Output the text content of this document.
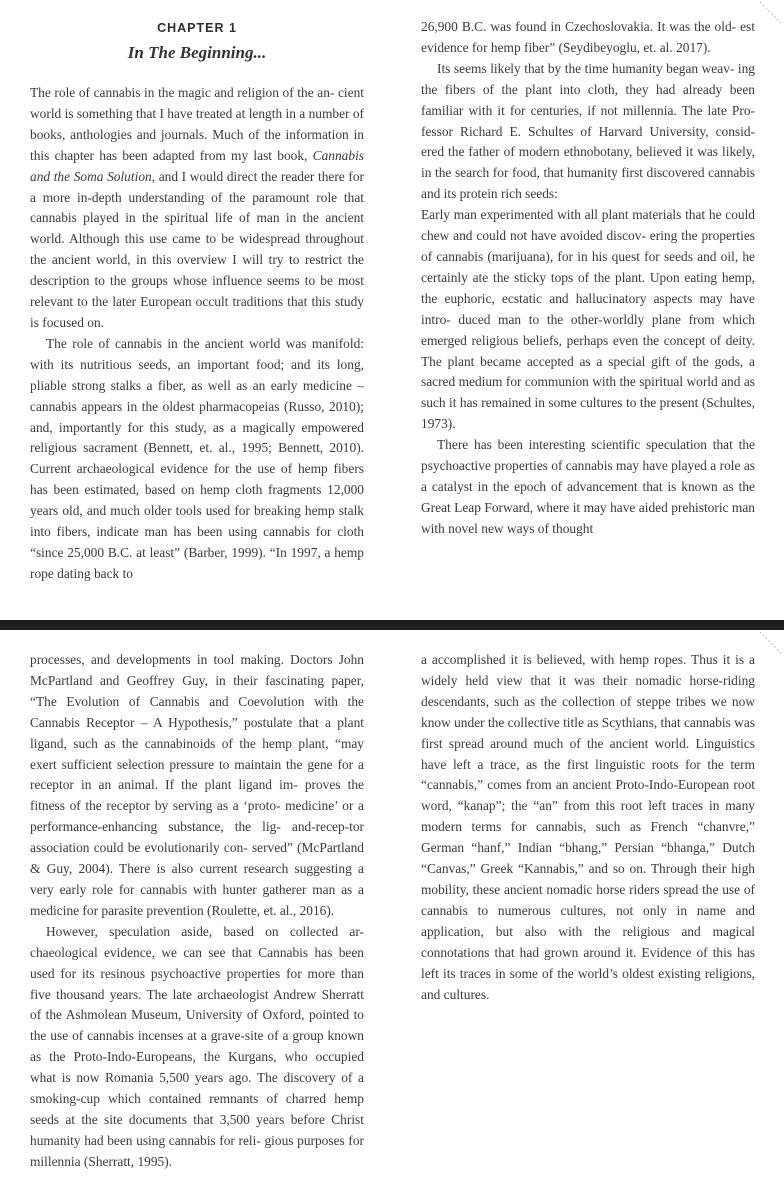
CHAPTER 1
In The Beginning...

The role of cannabis in the magic and religion of the an- cient world is something that I have treated at length in a number of books, anthologies and journals. Much of the information in this chapter has been adapted from my last book, Cannabis and the Soma Solution, and I would direct the reader there for a more in-depth understanding of the paramount role that cannabis played in the spiritual life of man in the ancient world. Although this use came to be widespread throughout the ancient world, in this overview I will try to restrict the description to the groups whose influence seems to be most relevant to the later European occult traditions that this study is focused on.

The role of cannabis in the ancient world was manifold: with its nutritious seeds, an important food; and its long, pliable strong stalks a fiber, as well as an early medicine – cannabis appears in the oldest pharmacopeias (Russo, 2010); and, importantly for this study, as a magically empowered religious sacrament (Bennett, et. al., 1995; Bennett, 2010). Current archaeological evidence for the use of hemp fibers has been estimated, based on hemp cloth fragments 12,000 years old, and much older tools used for breaking hemp stalk into fibers, indicate man has been using cannabis for cloth “since 25,000 B.C. at least” (Barber, 1999). “In 1997, a hemp rope dating back to

26,900 B.C. was found in Czechoslovakia. It was the old- est evidence for hemp fiber” (Seydibeyoglu, et. al. 2017).

Its seems likely that by the time humanity began weav- ing the fibers of the plant into cloth, they had already been familiar with it for centuries, if not millennia. The late Pro- fessor Richard E. Schultes of Harvard University, consid- ered the father of modern ethnobotany, believed it was likely, in the search for food, that humanity first discovered cannabis and its protein rich seeds:

Early man experimented with all plant materials that he could chew and could not have avoided discov- ering the properties of cannabis (marijuana), for in his quest for seeds and oil, he certainly ate the sticky tops of the plant. Upon eating hemp, the euphoric, ecstatic and hallucinatory aspects may have intro- duced man to the other-worldly plane from which emerged religious beliefs, perhaps even the concept of deity. The plant became accepted as a special gift of the gods, a sacred medium for communion with the spiritual world and as such it has remained in some cultures to the present (Schultes, 1973).

There has been interesting scientific speculation that the psychoactive properties of cannabis may have played a role as a catalyst in the epoch of advancement that is known as the Great Leap Forward, where it may have aided prehistoric man with novel new ways of thought

processes, and developments in tool making. Doctors John McPartland and Geoffrey Guy, in their fascinating paper, “The Evolution of Cannabis and Coevolution with the Cannabis Receptor – A Hypothesis,” postulate that a plant ligand, such as the cannabinoids of the hemp plant, “may exert sufficient selection pressure to maintain the gene for a receptor in an animal. If the plant ligand im- proves the fitness of the receptor by serving as a ‘proto- medicine’ or a performance-enhancing substance, the lig- and-recep-tor association could be evolutionarily con- served” (McPartland & Guy, 2004). There is also current research suggesting a very early role for cannabis with hunter gatherer man as a medicine for parasite prevention (Roulette, et. al., 2016).

However, speculation aside, based on collected ar- chaeological evidence, we can see that Cannabis has been used for its resinous psychoactive properties for more than five thousand years. The late archaeologist Andrew Sherratt of the Ashmolean Museum, University of Oxford, pointed to the use of cannabis incenses at a grave-site of a group known as the Proto-Indo-Europeans, the Kurgans, who occupied what is now Romania 5,500 years ago. The discovery of a smoking-cup which contained remnants of charred hemp seeds at the site documents that 3,500 years before Christ humanity had been using cannabis for reli- gious purposes for millennia (Sherratt, 1995).

a accomplished it is believed, with hemp ropes. Thus it is a widely held view that it was their nomadic horse-riding descendants, such as the collection of steppe tribes we now know under the collective title as Scythians, that cannabis was first spread around much of the ancient world. Linguistics have left a trace, as the first linguistic roots for the term “cannabis,” comes from an ancient Proto-Indo-European root word, “kanap”; the “an” from this root left traces in many modern terms for cannabis, such as French “chanvre,” German “hanf,” Indian “bhang,” Persian “bhanga,” Dutch “Canvas,” Greek “Kannabis,” and so on. Through their high mobility, these ancient nomadic horse riders spread the use of cannabis to numerous cultures, not only in name and application, but also with the religious and magical connotations that had grown around it. Evidence of this has left its traces in some of the world’s oldest existing religions, and cultures.
